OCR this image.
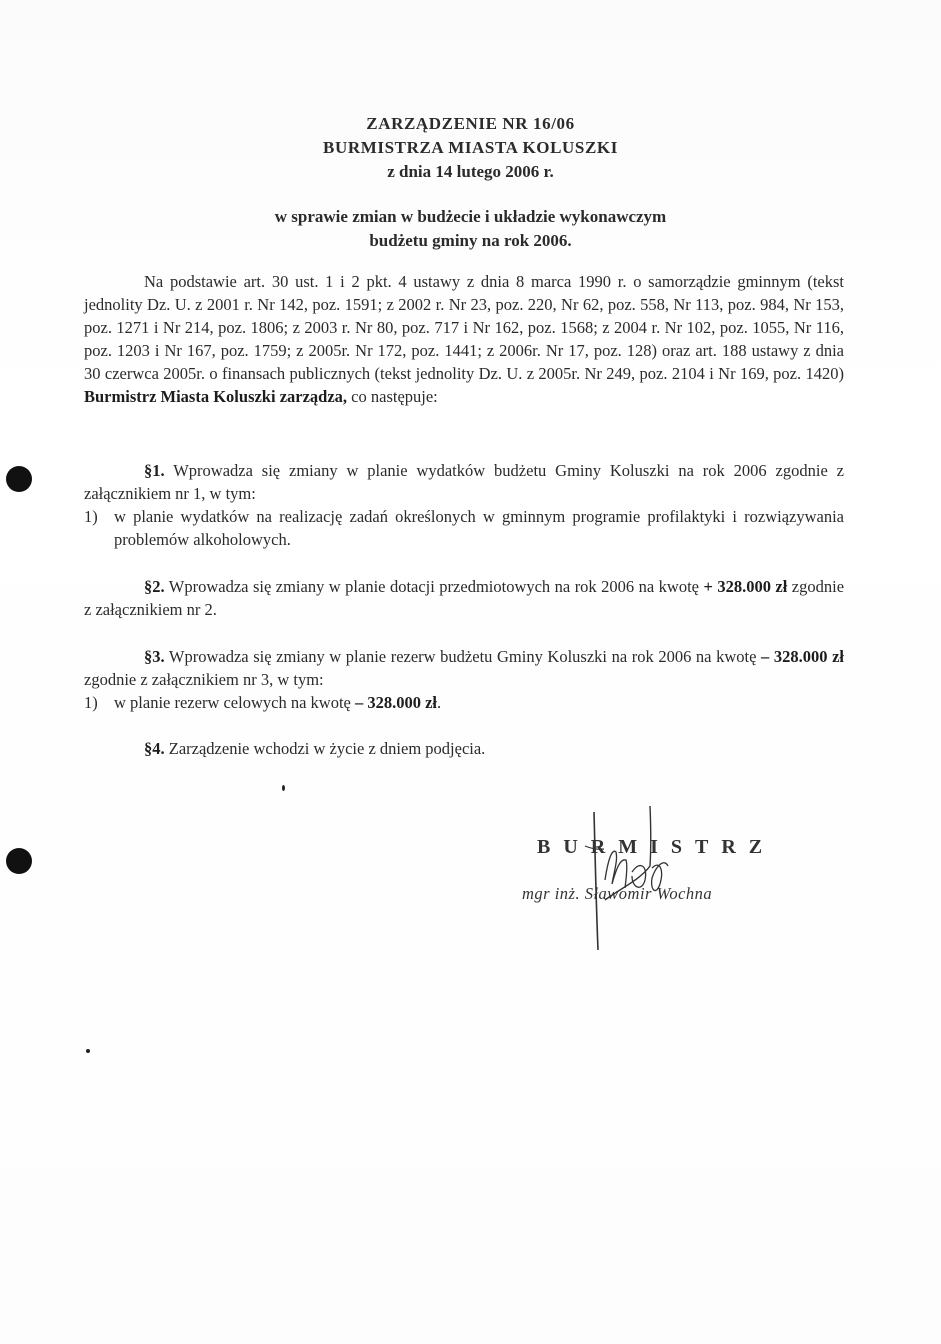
ZARZĄDZENIE NR 16/06
BURMISTRZA MIASTA KOLUSZKI
z dnia 14 lutego 2006 r.
w sprawie zmian w budżecie i układzie wykonawczym
budżetu gminy na rok 2006.

Na podstawie art. 30 ust. 1 i 2 pkt. 4 ustawy z dnia 8 marca 1990 r. o samorządzie gminnym (tekst jednolity Dz. U. z 2001 r. Nr 142, poz. 1591; z 2002 r. Nr 23, poz. 220, Nr 62, poz. 558, Nr 113, poz. 984, Nr 153, poz. 1271 i Nr 214, poz. 1806; z 2003 r. Nr 80, poz. 717 i Nr 162, poz. 1568; z 2004 r. Nr 102, poz. 1055, Nr 116, poz. 1203 i Nr 167, poz. 1759; z 2005r. Nr 172, poz. 1441; z 2006r. Nr 17, poz. 128) oraz art. 188 ustawy z dnia 30 czerwca 2005r. o finansach publicznych (tekst jednolity Dz. U. z 2005r. Nr 249, poz. 2104 i Nr 169, poz. 1420) Burmistrz Miasta Koluszki zarządza, co następuje:

§1. Wprowadza się zmiany w planie wydatków budżetu Gminy Koluszki na rok 2006 zgodnie z załącznikiem nr 1, w tym:

1) w planie wydatków na realizację zadań określonych w gminnym programie profilaktyki i rozwiązywania problemów alkoholowych.

§2. Wprowadza się zmiany w planie dotacji przedmiotowych na rok 2006 na kwotę + 328.000 zł zgodnie z załącznikiem nr 2.

§3. Wprowadza się zmiany w planie rezerw budżetu Gminy Koluszki na rok 2006 na kwotę – 328.000 zł zgodnie z załącznikiem nr 3, w tym:

1) w planie rezerw celowych na kwotę – 328.000 zł.

§4. Zarządzenie wchodzi w życie z dniem podjęcia.

BURMISTRZ
mgr inż. Sławomir Wochna
